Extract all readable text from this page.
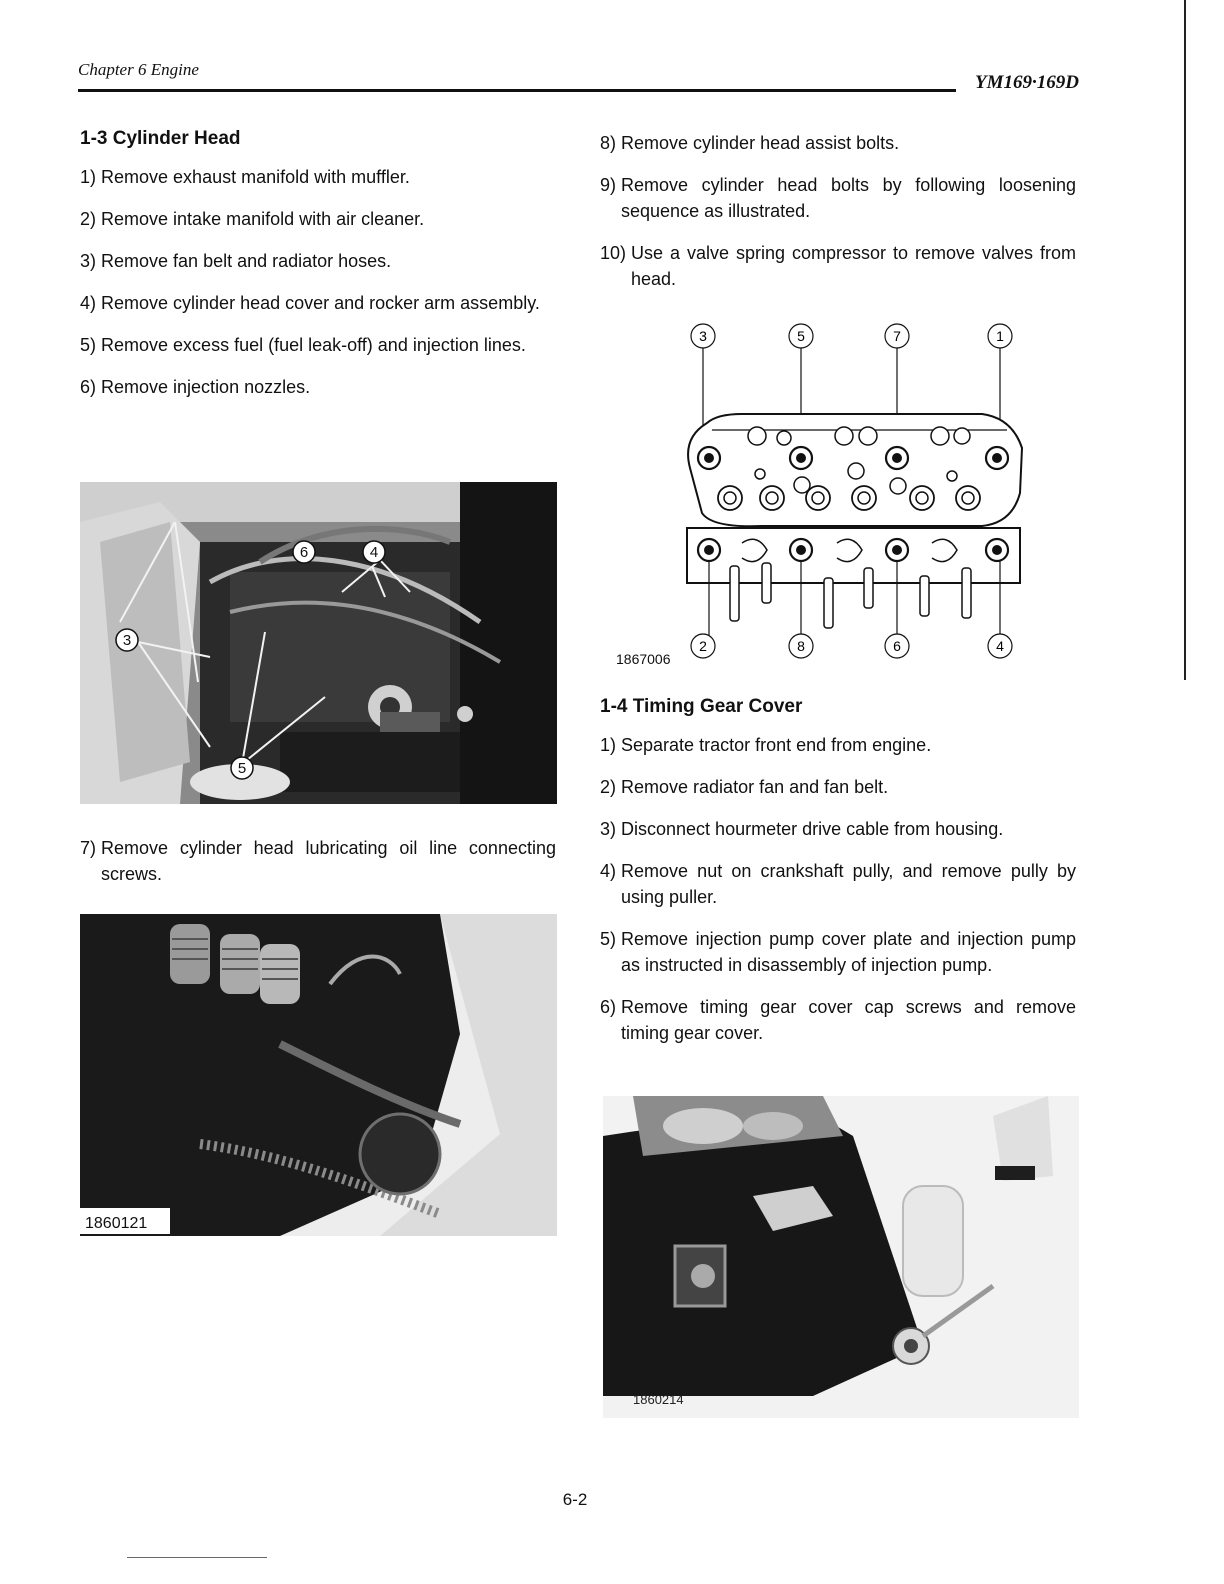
Chapter 6 Engine
YM169·169D
1-3 Cylinder Head
1) Remove exhaust manifold with muffler.
2) Remove intake manifold with air cleaner.
3) Remove fan belt and radiator hoses.
4) Remove cylinder head cover and rocker arm assembly.
5) Remove excess fuel (fuel leak-off) and injection lines.
6) Remove injection nozzles.
6	4
3
5
7) Remove cylinder head lubricating oil line connecting screws.
1860121
8) Remove cylinder head assist bolts.
9) Remove cylinder head bolts by following loosening sequence as illustrated.
10) Use a valve spring compressor to remove valves from head.
3	5	7	1
2	8	6	4
1867006
1-4 Timing Gear Cover
1) Separate tractor front end from engine.
2) Remove radiator fan and fan belt.
3) Disconnect hourmeter drive cable from housing.
4) Remove nut on crankshaft pully, and remove pully by using puller.
5) Remove injection pump cover plate and injection pump as instructed in disassembly of injection pump.
6) Remove timing gear cover cap screws and remove timing gear cover.
1860214
6-2
